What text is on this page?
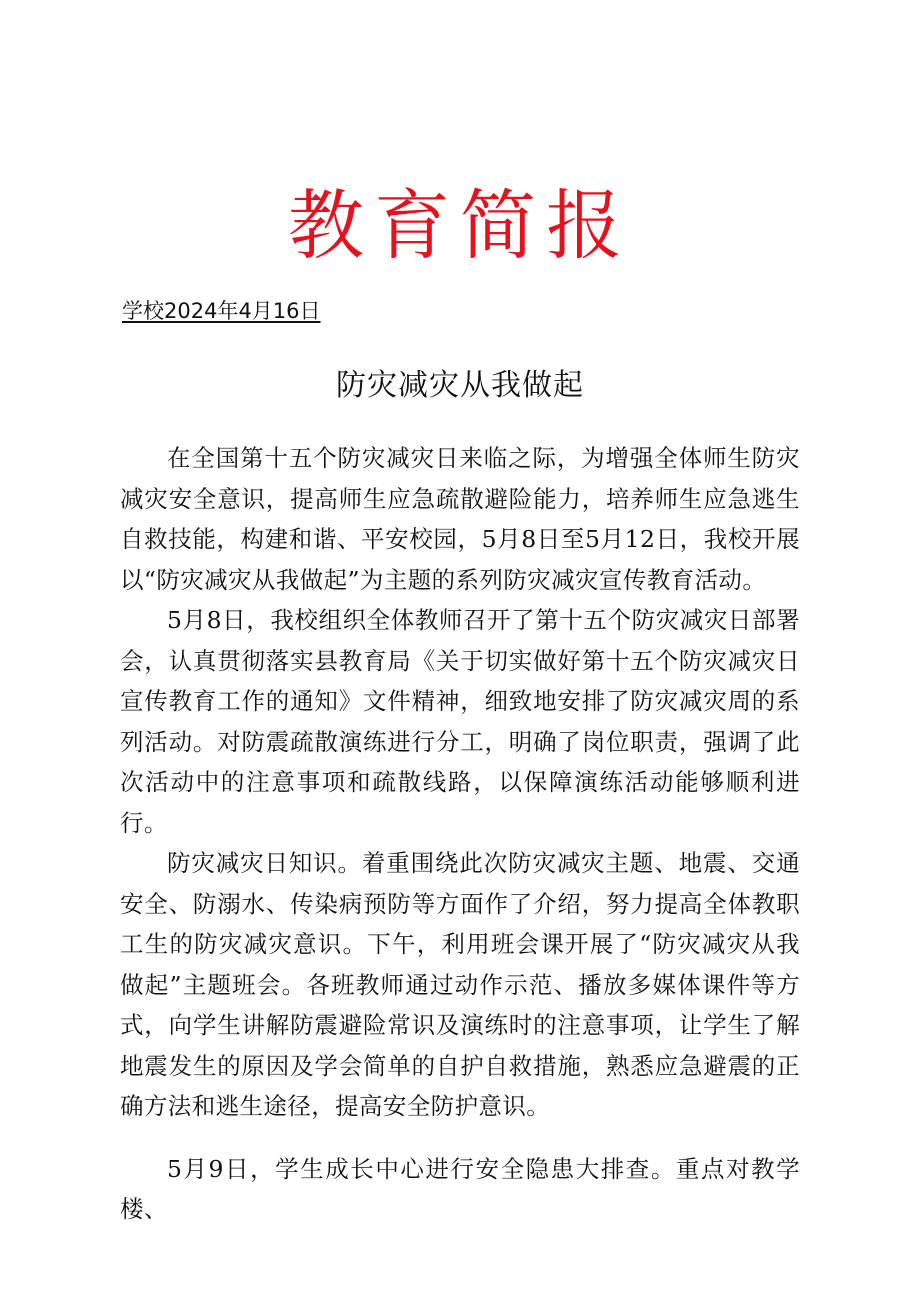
教育简报
学校2024年4月16日
防灾减灾从我做起

在全国第十五个防灾减灾日来临之际，为增强全体师生防灾减灾安全意识，提高师生应急疏散避险能力，培养师生应急逃生自救技能，构建和谐、平安校园，5月8日至5月12日，我校开展以“防灾减灾从我做起”为主题的系列防灾减灾宣传教育活动。

5月8日，我校组织全体教师召开了第十五个防灾减灾日部署会，认真贯彻落实县教育局《关于切实做好第十五个防灾减灾日宣传教育工作的通知》文件精神，细致地安排了防灾减灾周的系列活动。对防震疏散演练进行分工，明确了岗位职责，强调了此次活动中的注意事项和疏散线路，以保障演练活动能够顺利进行。

防灾减灾日知识。着重围绕此次防灾减灾主题、地震、交通安全、防溺水、传染病预防等方面作了介绍，努力提高全体教职工生的防灾减灾意识。下午，利用班会课开展了“防灾减灾从我做起”主题班会。各班教师通过动作示范、播放多媒体课件等方式，向学生讲解防震避险常识及演练时的注意事项，让学生了解地震发生的原因及学会简单的自护自救措施，熟悉应急避震的正确方法和逃生途径，提高安全防护意识。

5月9日，学生成长中心进行安全隐患大排查。重点对教学楼、
